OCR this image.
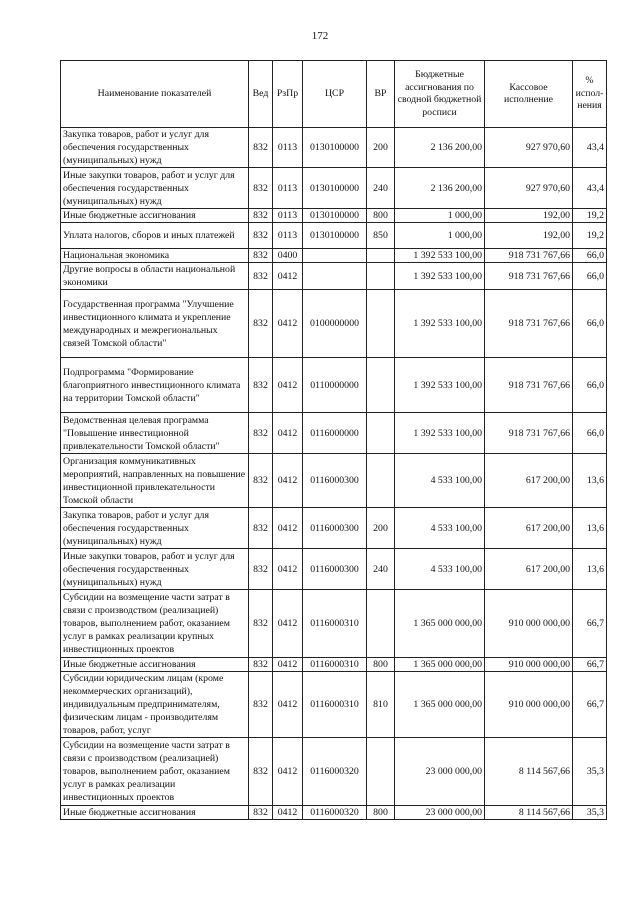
172
Наименование показателей	Вед	РзПр	ЦСР	ВР	Бюджетные ассигнования по сводной бюджетной росписи	Кассовое исполнение	% испол-нения
Закупка товаров, работ и услуг для обеспечения государственных (муниципальных) нужд	832	0113	0130100000	200	2 136 200,00	927 970,60	43,4
Иные закупки товаров, работ и услуг для обеспечения государственных (муниципальных) нужд	832	0113	0130100000	240	2 136 200,00	927 970,60	43,4
Иные бюджетные ассигнования	832	0113	0130100000	800	1 000,00	192,00	19,2
Уплата налогов, сборов и иных платежей	832	0113	0130100000	850	1 000,00	192,00	19,2
Национальная экономика	832	0400			1 392 533 100,00	918 731 767,66	66,0
Другие вопросы в области национальной экономики	832	0412			1 392 533 100,00	918 731 767,66	66,0
Государственная программа "Улучшение инвестиционного климата и укрепление международных и межрегиональных связей Томской области"	832	0412	0100000000		1 392 533 100,00	918 731 767,66	66,0
Подпрограмма "Формирование благоприятного инвестиционного климата на территории Томской области"	832	0412	0110000000		1 392 533 100,00	918 731 767,66	66,0
Ведомственная целевая программа "Повышение инвестиционной привлекательности Томской области"	832	0412	0116000000		1 392 533 100,00	918 731 767,66	66,0
Организация коммуникативных мероприятий, направленных на повышение инвестиционной привлекательности Томской области	832	0412	0116000300		4 533 100,00	617 200,00	13,6
Закупка товаров, работ и услуг для обеспечения государственных (муниципальных) нужд	832	0412	0116000300	200	4 533 100,00	617 200,00	13,6
Иные закупки товаров, работ и услуг для обеспечения государственных (муниципальных) нужд	832	0412	0116000300	240	4 533 100,00	617 200,00	13,6
Субсидии на возмещение части затрат в связи с производством (реализацией) товаров, выполнением работ, оказанием услуг в рамках реализации крупных инвестиционных проектов	832	0412	0116000310		1 365 000 000,00	910 000 000,00	66,7
Иные бюджетные ассигнования	832	0412	0116000310	800	1 365 000 000,00	910 000 000,00	66,7
Субсидии юридическим лицам (кроме некоммерческих организаций), индивидуальным предпринимателям, физическим лицам - производителям товаров, работ, услуг	832	0412	0116000310	810	1 365 000 000,00	910 000 000,00	66,7
Субсидии на возмещение части затрат в связи с производством (реализацией) товаров, выполнением работ, оказанием услуг в рамках реализации инвестиционных проектов	832	0412	0116000320		23 000 000,00	8 114 567,66	35,3
Иные бюджетные ассигнования	832	0412	0116000320	800	23 000 000,00	8 114 567,66	35,3
